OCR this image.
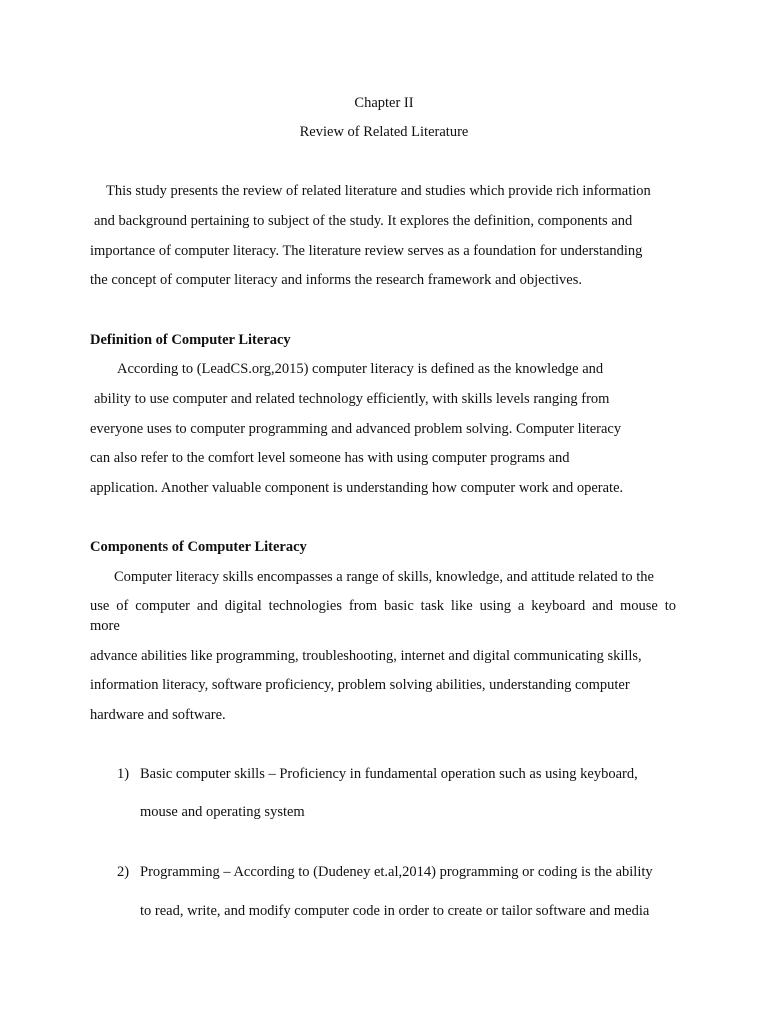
Chapter II
Review of Related Literature
This study presents the review of related literature and studies which provide rich information
and background pertaining to subject of the study. It explores the definition, components and
importance of computer literacy. The literature review serves as a foundation for understanding
the concept of computer literacy and informs the research framework and objectives.
Definition of Computer Literacy
According to (LeadCS.org,2015) computer literacy is defined as the knowledge and
ability to use computer and related technology efficiently, with skills levels ranging from
everyone uses to computer programming and advanced problem solving. Computer literacy
can also refer to the comfort level someone has with using computer programs and
application. Another valuable component is understanding how computer work and operate.
Components of Computer Literacy
Computer literacy skills encompasses a range of skills, knowledge, and attitude related to the
use of computer and digital technologies from basic task like using a keyboard and mouse to
more
advance abilities like programming, troubleshooting, internet and digital communicating skills,
information literacy, software proficiency, problem solving abilities, understanding computer
hardware and software.
1) Basic computer skills – Proficiency in fundamental operation such as using keyboard,
mouse and operating system
2) Programming – According to (Dudeney et.al,2014) programming or coding is the ability
to read, write, and modify computer code in order to create or tailor software and media
